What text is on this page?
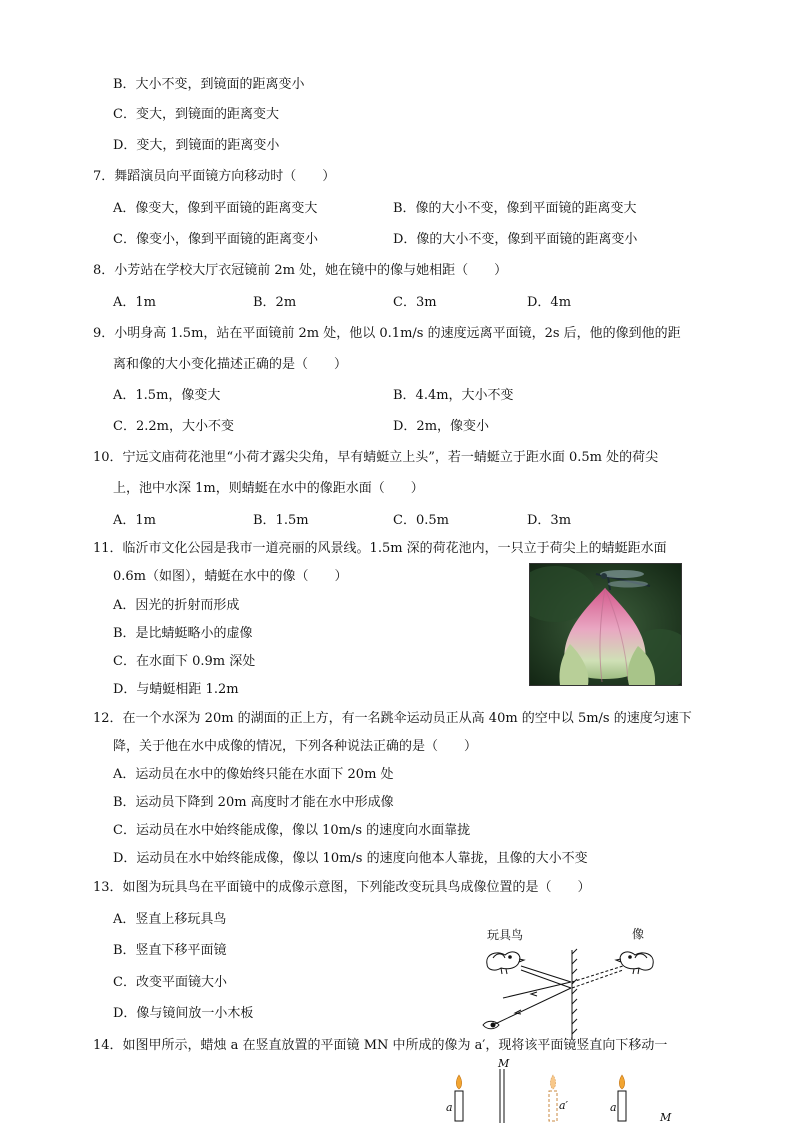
B．大小不变，到镜面的距离变小
C．变大，到镜面的距离变大
D．变大，到镜面的距离变小
7．舞蹈演员向平面镜方向移动时（　　）
A．像变大，像到平面镜的距离变大	B．像的大小不变，像到平面镜的距离变大
C．像变小，像到平面镜的距离变小	D．像的大小不变，像到平面镜的距离变小
8．小芳站在学校大厅衣冠镜前 2m 处，她在镜中的像与她相距（　　）
A．1m	B．2m	C．3m	D．4m
9．小明身高 1.5m，站在平面镜前 2m 处，他以 0.1m/s 的速度远离平面镜，2s 后，他的像到他的距
离和像的大小变化描述正确的是（　　）
A．1.5m，像变大	B．4.4m，大小不变
C．2.2m，大小不变	D．2m，像变小
10．宁远文庙荷花池里“小荷才露尖尖角，早有蜻蜓立上头”，若一蜻蜓立于距水面 0.5m 处的荷尖
上，池中水深 1m，则蜻蜓在水中的像距水面（　　）
A．1m	B．1.5m	C．0.5m	D．3m
11．临沂市文化公园是我市一道亮丽的风景线。1.5m 深的荷花池内，一只立于荷尖上的蜻蜓距水面
0.6m（如图），蜻蜓在水中的像（　　）
A．因光的折射而形成
B．是比蜻蜓略小的虚像
C．在水面下 0.9m 深处
D．与蜻蜓相距 1.2m
12．在一个水深为 20m 的湖面的正上方，有一名跳伞运动员正从高 40m 的空中以 5m/s 的速度匀速下
降，关于他在水中成像的情况，下列各种说法正确的是（　　）
A．运动员在水中的像始终只能在水面下 20m 处
B．运动员下降到 20m 高度时才能在水中形成像
C．运动员在水中始终能成像，像以 10m/s 的速度向水面靠拢
D．运动员在水中始终能成像，像以 10m/s 的速度向他本人靠拢，且像的大小不变
13．如图为玩具鸟在平面镜中的成像示意图，下列能改变玩具鸟成像位置的是（　　）
A．竖直上移玩具鸟
B．竖直下移平面镜
C．改变平面镜大小
D．像与镜间放一小木板
玩具鸟	像
14．如图甲所示，蜡烛 a 在竖直放置的平面镜 MN 中所成的像为 a′，现将该平面镜竖直向下移动一
M
a	a′	a
M
